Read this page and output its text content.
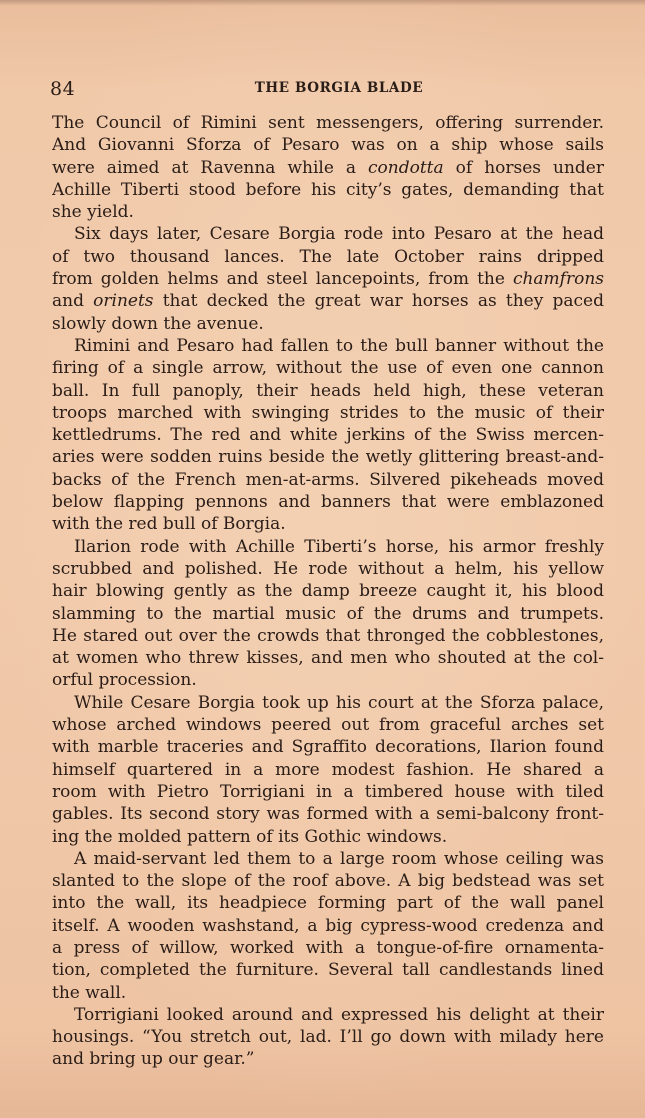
84	THE BORGIA BLADE
The Council of Rimini sent messengers, offering surrender.
And Giovanni Sforza of Pesaro was on a ship whose sails
were aimed at Ravenna while a condotta of horses under
Achille Tiberti stood before his city’s gates, demanding that
she yield.
Six days later, Cesare Borgia rode into Pesaro at the head
of two thousand lances. The late October rains dripped
from golden helms and steel lancepoints, from the chamfrons
and orinets that decked the great war horses as they paced
slowly down the avenue.
Rimini and Pesaro had fallen to the bull banner without the
firing of a single arrow, without the use of even one cannon
ball. In full panoply, their heads held high, these veteran
troops marched with swinging strides to the music of their
kettledrums. The red and white jerkins of the Swiss mercen-
aries were sodden ruins beside the wetly glittering breast-and-
backs of the French men-at-arms. Silvered pikeheads moved
below flapping pennons and banners that were emblazoned
with the red bull of Borgia.
Ilarion rode with Achille Tiberti’s horse, his armor freshly
scrubbed and polished. He rode without a helm, his yellow
hair blowing gently as the damp breeze caught it, his blood
slamming to the martial music of the drums and trumpets.
He stared out over the crowds that thronged the cobblestones,
at women who threw kisses, and men who shouted at the col-
orful procession.
While Cesare Borgia took up his court at the Sforza palace,
whose arched windows peered out from graceful arches set
with marble traceries and Sgraffito decorations, Ilarion found
himself quartered in a more modest fashion. He shared a
room with Pietro Torrigiani in a timbered house with tiled
gables. Its second story was formed with a semi-balcony front-
ing the molded pattern of its Gothic windows.
A maid-servant led them to a large room whose ceiling was
slanted to the slope of the roof above. A big bedstead was set
into the wall, its headpiece forming part of the wall panel
itself. A wooden washstand, a big cypress-wood credenza and
a press of willow, worked with a tongue-of-fire ornamenta-
tion, completed the furniture. Several tall candlestands lined
the wall.
Torrigiani looked around and expressed his delight at their
housings. “You stretch out, lad. I’ll go down with milady here
and bring up our gear.”
